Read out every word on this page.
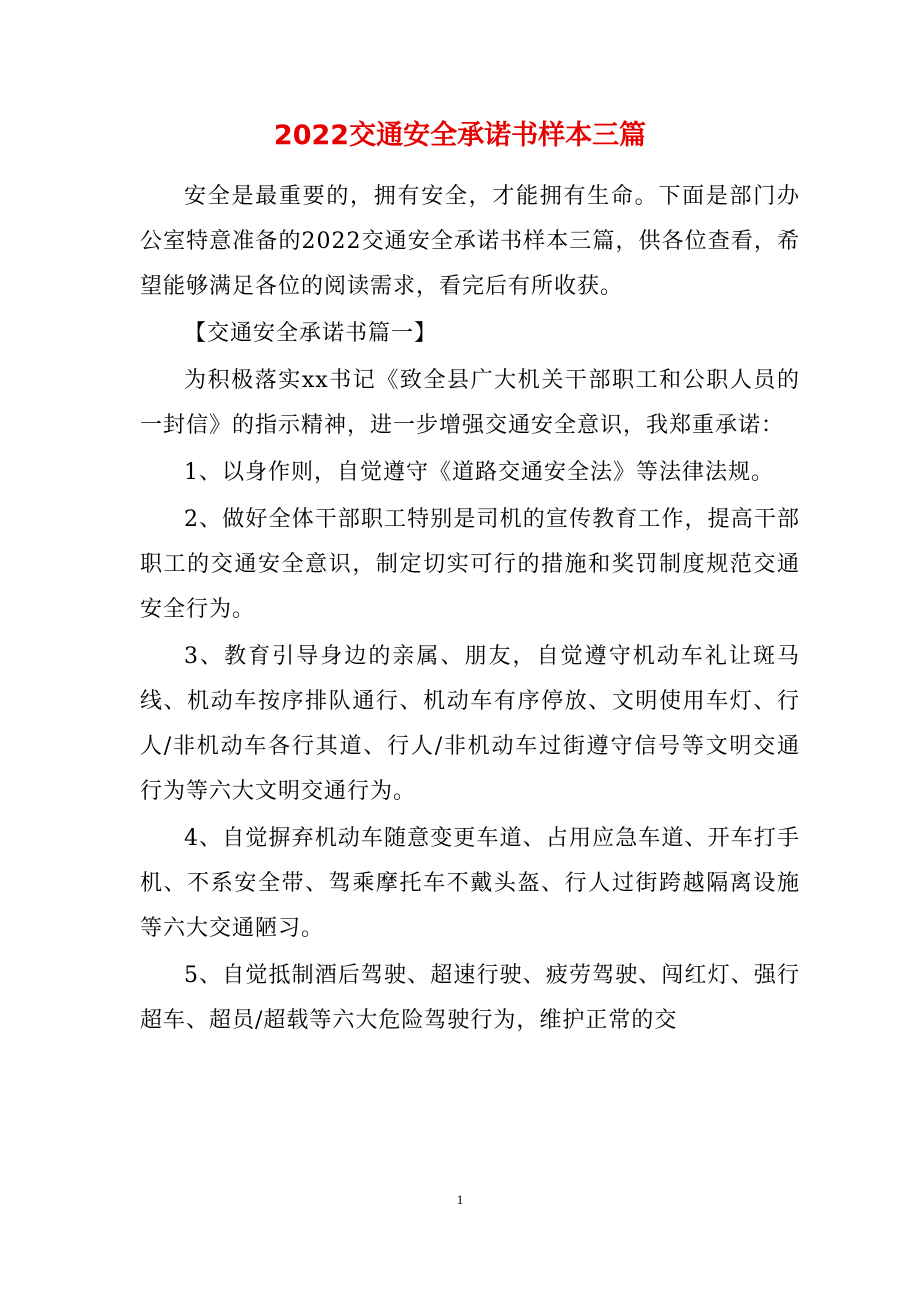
2022交通安全承诺书样本三篇

安全是最重要的，拥有安全，才能拥有生命。下面是部门办公室特意准备的2022交通安全承诺书样本三篇，供各位查看，希望能够满足各位的阅读需求，看完后有所收获。

【交通安全承诺书篇一】

为积极落实xx书记《致全县广大机关干部职工和公职人员的一封信》的指示精神，进一步增强交通安全意识，我郑重承诺：

1、以身作则，自觉遵守《道路交通安全法》等法律法规。

2、做好全体干部职工特别是司机的宣传教育工作，提高干部职工的交通安全意识，制定切实可行的措施和奖罚制度规范交通安全行为。

3、教育引导身边的亲属、朋友，自觉遵守机动车礼让斑马线、机动车按序排队通行、机动车有序停放、文明使用车灯、行人/非机动车各行其道、行人/非机动车过街遵守信号等文明交通行为等六大文明交通行为。

4、自觉摒弃机动车随意变更车道、占用应急车道、开车打手机、不系安全带、驾乘摩托车不戴头盔、行人过街跨越隔离设施等六大交通陋习。

5、自觉抵制酒后驾驶、超速行驶、疲劳驾驶、闯红灯、强行超车、超员/超载等六大危险驾驶行为，维护正常的交

1
